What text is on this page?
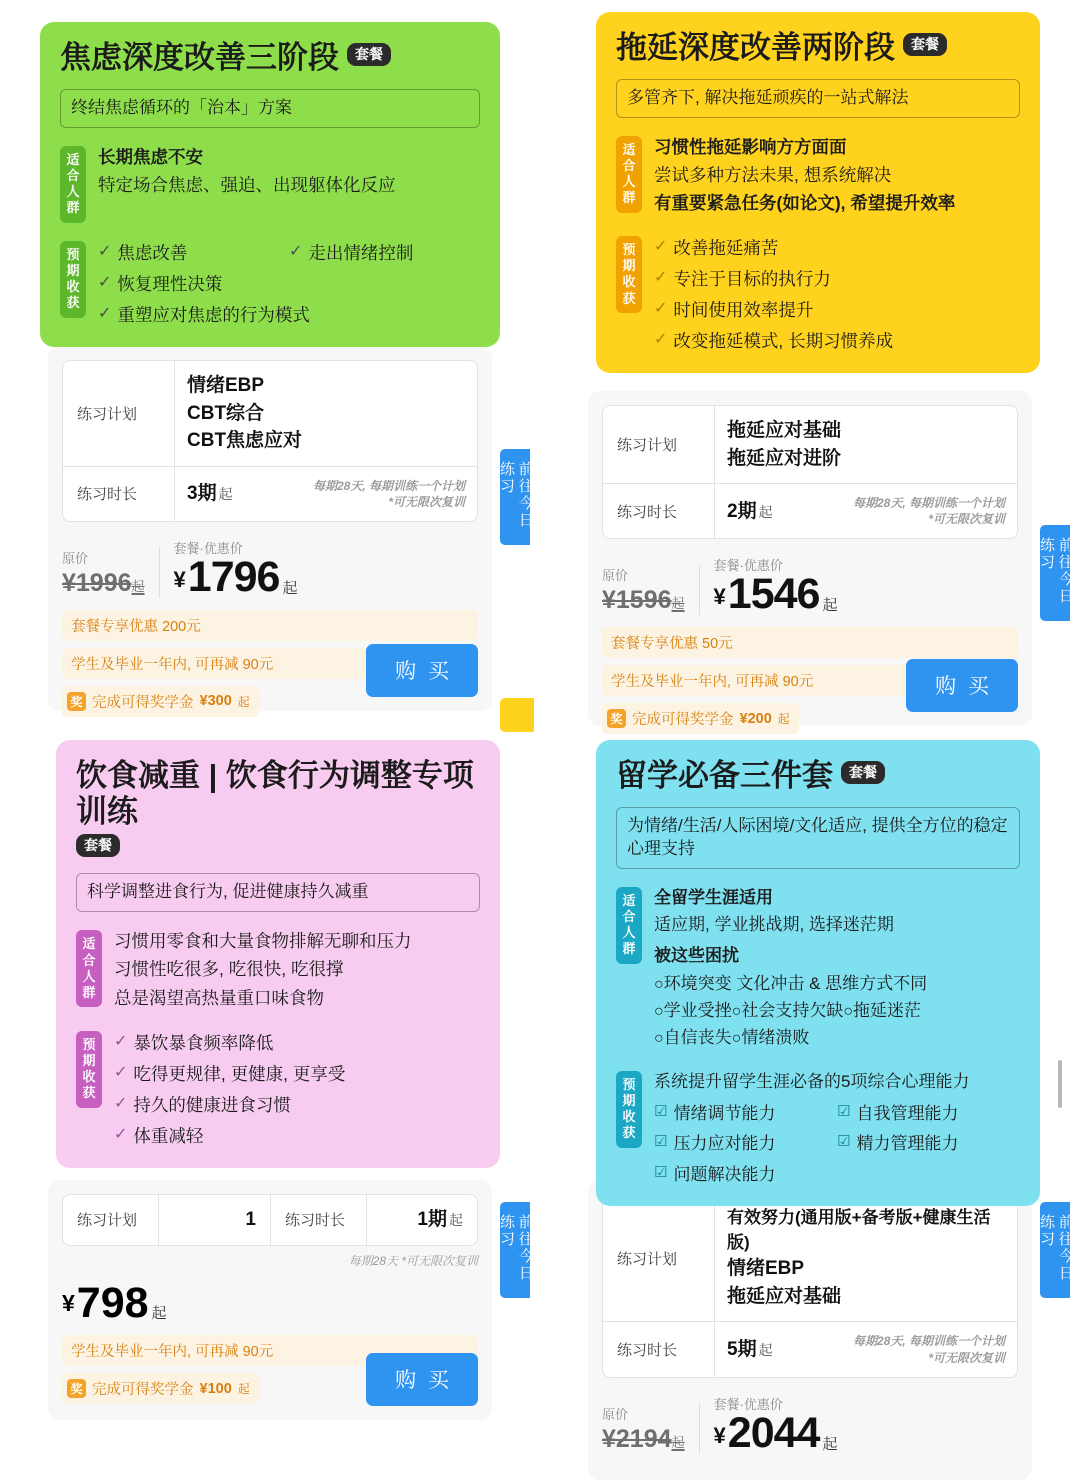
练习计划
情绪EBP
CBT综合
CBT焦虑应对
练习时长	3期 起
每期28天, 每期训练一个计划
*可无限次复训
原价
¥1996起
套餐·优惠价
¥ 1796 起
套餐专享优惠 200元
学生及毕业一年内, 可再减 90元
奖 完成可得奖学金 ¥300 起
购 买
焦虑深度改善三阶段	套餐
终结焦虑循环的「治本」方案
适合人群
长期焦虑不安
特定场合焦虑、强迫、出现躯体化反应
预期收获
✓ 焦虑改善	✓ 走出情绪控制
✓ 恢复理性决策
✓ 重塑应对焦虑的行为模式
前往今日练习
练习计划
拖延应对基础
拖延应对进阶
练习时长	2期 起
每期28天, 每期训练一个计划
*可无限次复训
原价
¥1596起
套餐·优惠价
¥ 1546 起
套餐专享优惠 50元
学生及毕业一年内, 可再减 90元
奖 完成可得奖学金 ¥200 起
购 买
拖延深度改善两阶段	套餐
多管齐下, 解决拖延顽疾的一站式解法
适合人群
习惯性拖延影响方方面面
尝试多种方法未果, 想系统解决
有重要紧急任务(如论文), 希望提升效率
预期收获
✓ 改善拖延痛苦
✓ 专注于目标的执行力
✓ 时间使用效率提升
✓ 改变拖延模式, 长期习惯养成
前往今日练习
练习计划	1	练习时长	1期 起
每期28天 *可无限次复训
¥ 798 起
学生及毕业一年内, 可再减 90元
奖 完成可得奖学金 ¥100 起	购 买
饮食减重 | 饮食行为调整专项训练
套餐
科学调整进食行为, 促进健康持久减重
适合人群
习惯用零食和大量食物排解无聊和压力
习惯性吃很多, 吃很快, 吃很撑
总是渴望高热量重口味食物
预期收获
✓ 暴饮暴食频率降低
✓ 吃得更规律, 更健康, 更享受
✓ 持久的健康进食习惯
✓ 体重减轻
前往今日练习
练习计划
有效努力(通用版+备考版+健康生活版)
情绪EBP
拖延应对基础
练习时长	5期 起
每期28天, 每期训练一个计划
*可无限次复训
原价
¥2194起
套餐·优惠价
¥ 2044 起
留学必备三件套	套餐
为情绪/生活/人际困境/文化适应, 提供全方位的稳定心理支持
适合人群
全留学生涯适用
适应期, 学业挑战期, 选择迷茫期
被这些困扰
○环境突变 文化冲击 & 思维方式不同
○学业受挫○社会支持欠缺○拖延迷茫
○自信丧失○情绪溃败
预期收获
系统提升留学生涯必备的5项综合心理能力
☑ 情绪调节能力	☑ 自我管理能力
☑ 压力应对能力	☑ 精力管理能力
☑ 问题解决能力
前往今日练习
